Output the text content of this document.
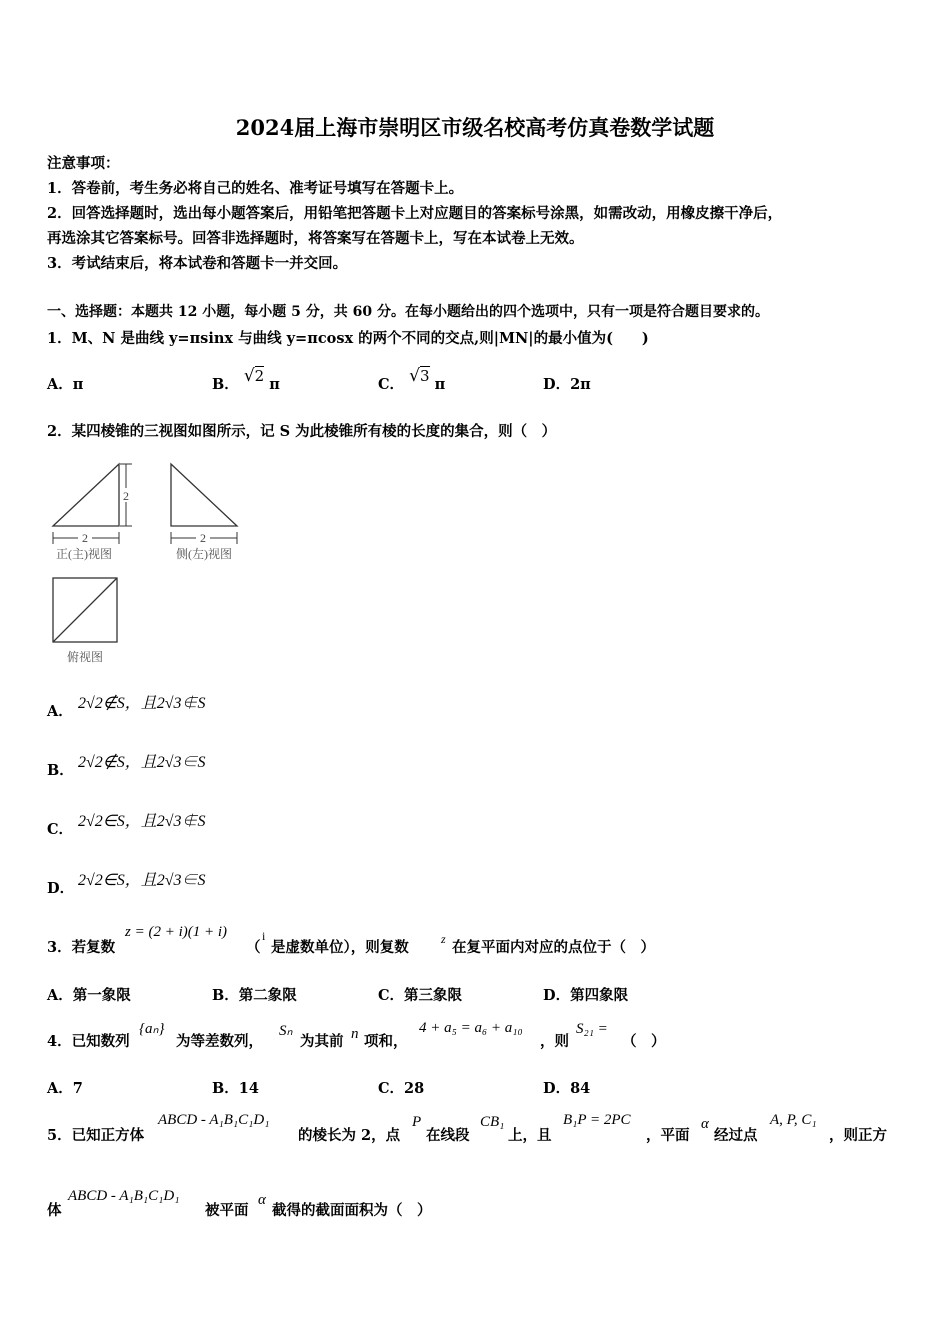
2024届上海市崇明区市级名校高考仿真卷数学试题
注意事项：
1．答卷前，考生务必将自己的姓名、准考证号填写在答题卡上。
2．回答选择题时，选出每小题答案后，用铅笔把答题卡上对应题目的答案标号涂黑，如需改动，用橡皮擦干净后，
再选涂其它答案标号。回答非选择题时，将答案写在答题卡上，写在本试卷上无效。
3．考试结束后，将本试卷和答题卡一并交回。
一、选择题：本题共 12 小题，每小题 5 分，共 60 分。在每小题给出的四个选项中，只有一项是符合题目要求的。
1．M、N 是曲线 y=πsinx 与曲线 y=πcosx 的两个不同的交点,则|MN|的最小值为(　　)
A．π	B． √2 π	C． √3 π	D．2π
2．某四棱锥的三视图如图所示，记 S 为此棱锥所有棱的长度的集合，则（　）
2
2
正(主)视图
2
侧(左)视图
俯视图
A． 2√2∉S，且2√3∉S
B． 2√2∉S，且2√3∈S
C． 2√2∈S，且2√3∉S
D． 2√2∈S，且2√3∈S
3．若复数
z = (2 + i)(1 + i)
（
i
是虚数单位），则复数	z 在复平面内对应的点位于（　）
A．第一象限	B．第二象限	C．第三象限	D．第四象限
4．已知数列
{aₙ}
为等差数列，
Sₙ
为其前 n 项和，
4 + a₅ = a₆ + a₁₀
，则
S₂₁ =
（　）
A．7	B．14	C．28	D．84
5．已知正方体
ABCD - A₁B₁C₁D₁
的棱长为 2，点
P
在线段
CB₁
上，且
B₁P = 2PC
，平面
α
经过点
A, P, C₁
，则正方
体
ABCD - A₁B₁C₁D₁
被平面
α
截得的截面面积为（　）
